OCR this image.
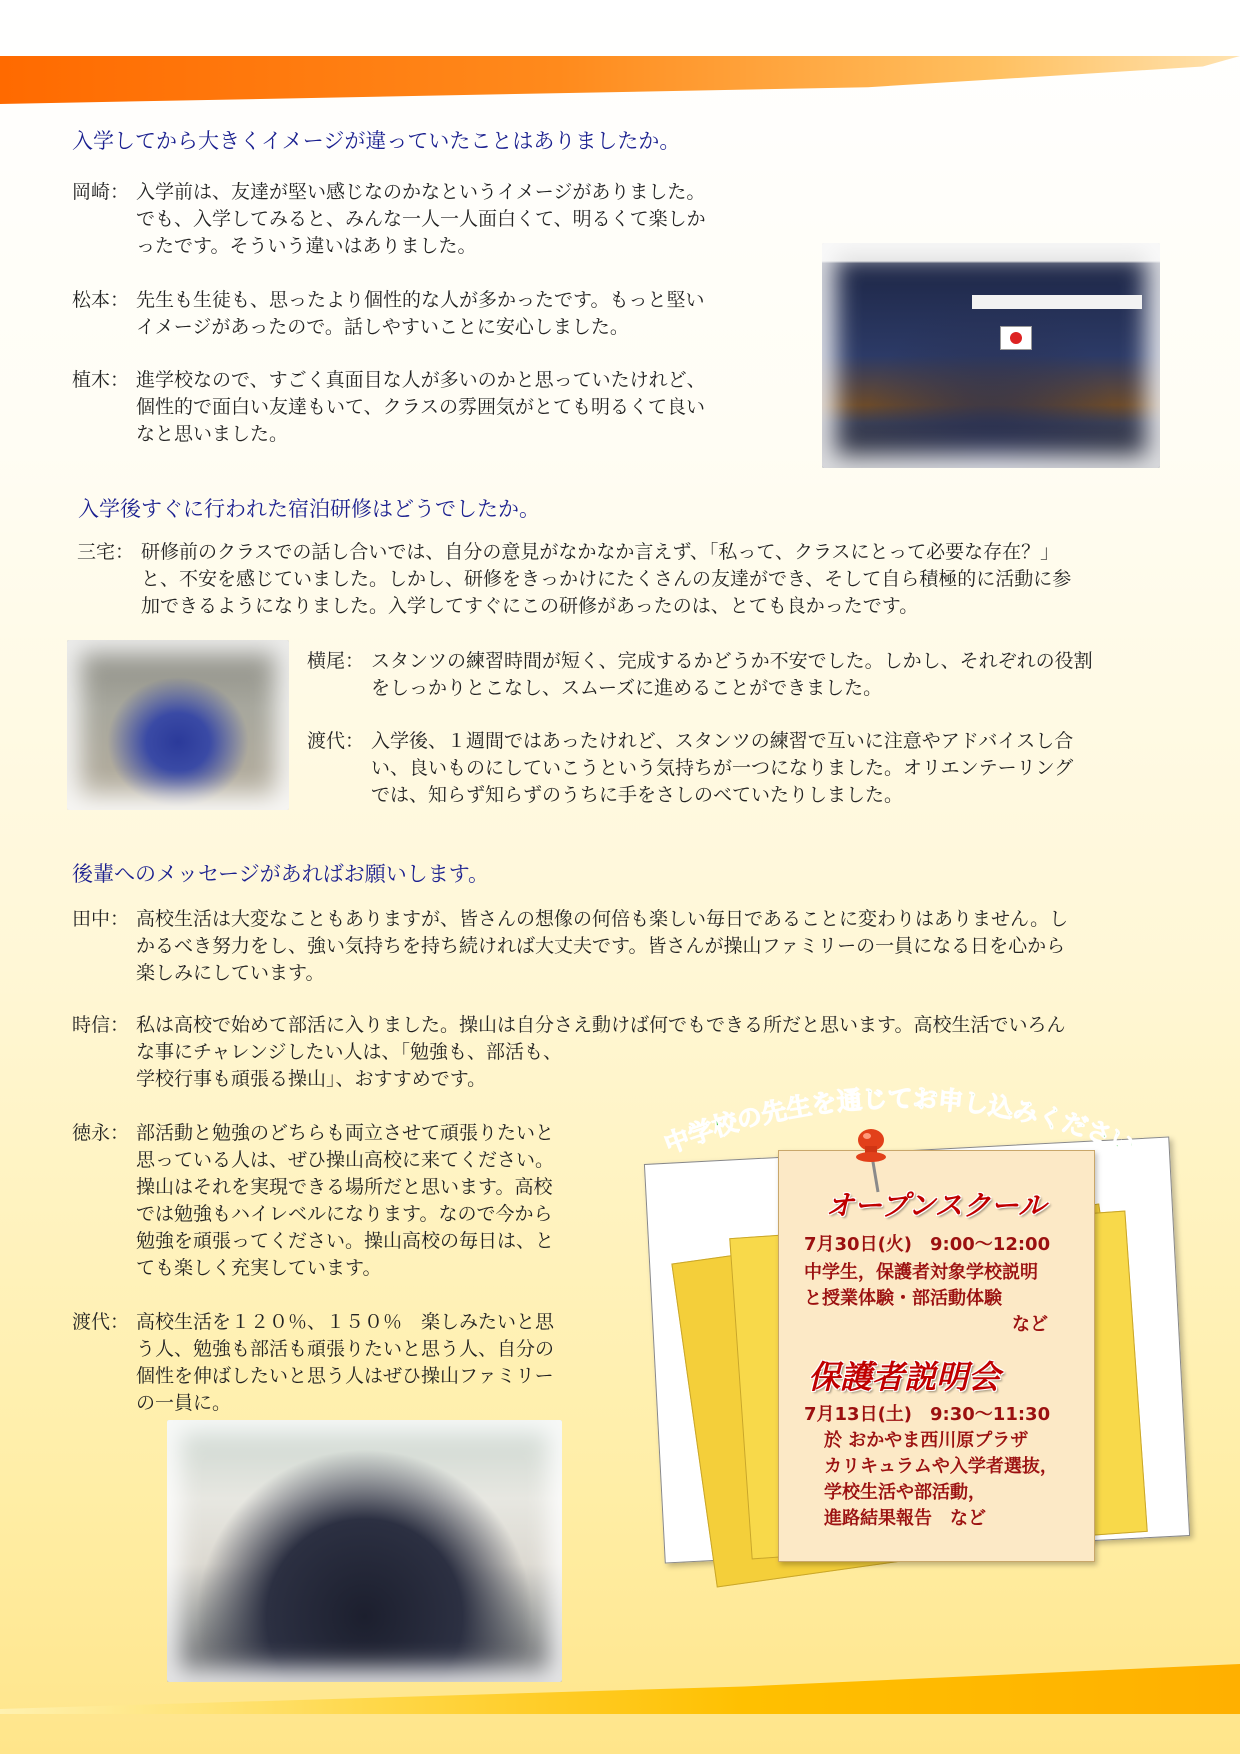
入学してから大きくイメージが違っていたことはありましたか。
岡崎： 入学前は、友達が堅い感じなのかなというイメージがありました。
でも、入学してみると、みんな一人一人面白くて、明るくて楽しか
ったです。そういう違いはありました。
松本： 先生も生徒も、思ったより個性的な人が多かったです。もっと堅い
イメージがあったので。話しやすいことに安心しました。
植木： 進学校なので、すごく真面目な人が多いのかと思っていたけれど、
個性的で面白い友達もいて、クラスの雰囲気がとても明るくて良い
なと思いました。
入学後すぐに行われた宿泊研修はどうでしたか。
三宅： 研修前のクラスでの話し合いでは、自分の意見がなかなか言えず、「私って、クラスにとって必要な存在？」
と、不安を感じていました。しかし、研修をきっかけにたくさんの友達ができ、そして自ら積極的に活動に参
加できるようになりました。入学してすぐにこの研修があったのは、とても良かったです。
横尾： スタンツの練習時間が短く、完成するかどうか不安でした。しかし、それぞれの役割
をしっかりとこなし、スムーズに進めることができました。
渡代： 入学後、１週間ではあったけれど、スタンツの練習で互いに注意やアドバイスし合
い、良いものにしていこうという気持ちが一つになりました。オリエンテーリング
では、知らず知らずのうちに手をさしのべていたりしました。
後輩へのメッセージがあればお願いします。
田中： 高校生活は大変なこともありますが、皆さんの想像の何倍も楽しい毎日であることに変わりはありません。し
かるべき努力をし、強い気持ちを持ち続ければ大丈夫です。皆さんが操山ファミリーの一員になる日を心から
楽しみにしています。
時信： 私は高校で始めて部活に入りました。操山は自分さえ動けば何でもできる所だと思います。高校生活でいろん
な事にチャレンジしたい人は、「勉強も、部活も、
学校行事も頑張る操山」、おすすめです。
徳永： 部活動と勉強のどちらも両立させて頑張りたいと
思っている人は、ぜひ操山高校に来てください。
操山はそれを実現できる場所だと思います。高校
では勉強もハイレベルになります。なので今から
勉強を頑張ってください。操山高校の毎日は、と
ても楽しく充実しています。
渡代： 高校生活を１２０％、１５０％　楽しみたいと思
う人、勉強も部活も頑張りたいと思う人、自分の
個性を伸ばしたいと思う人はぜひ操山ファミリー
の一員に。
中学校の先生を通じてお申し込みください
オープンスクール
7月30日(火)　9:00～12:00
中学生，保護者対象学校説明
と授業体験・部活動体験
など
保護者説明会
7月13日(土)　9:30～11:30
於 おかやま西川原プラザ
カリキュラムや入学者選抜，
学校生活や部活動，
進路結果報告　など
